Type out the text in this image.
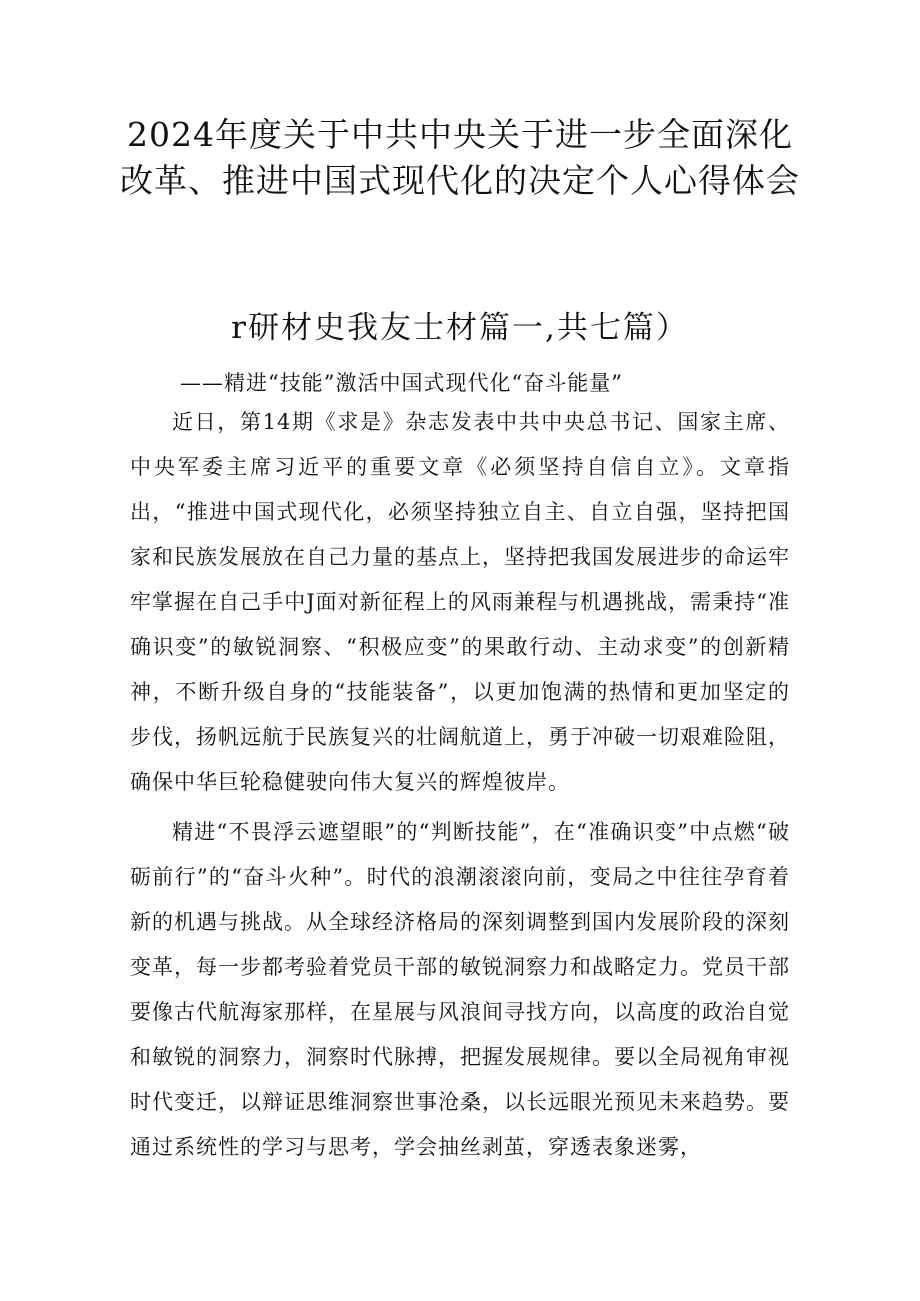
2024年度关于中共中央关于进一步全面深化改革、推进中国式现代化的决定个人心得体会
r研材史我友士材篇一,共七篇）

——精进“技能”激活中国式现代化“奋斗能量”

近日，第14期《求是》杂志发表中共中央总书记、国家主席、中央军委主席习近平的重要文章《必须坚持自信自立》。文章指出，“推进中国式现代化，必须坚持独立自主、自立自强，坚持把国家和民族发展放在自己力量的基点上，坚持把我国发展进步的命运牢牢掌握在自己手中J面对新征程上的风雨兼程与机遇挑战，需秉持“准确识变”的敏锐洞察、“积极应变”的果敢行动、主动求变”的创新精神，不断升级自身的“技能装备”，以更加饱满的热情和更加坚定的步伐，扬帆远航于民族复兴的壮阔航道上，勇于冲破一切艰难险阻，确保中华巨轮稳健驶向伟大复兴的辉煌彼岸。

精进“不畏浮云遮望眼”的“判断技能”，在“准确识变”中点燃“破砺前行”的“奋斗火种”。时代的浪潮滚滚向前，变局之中往往孕育着新的机遇与挑战。从全球经济格局的深刻调整到国内发展阶段的深刻变革，每一步都考验着党员干部的敏锐洞察力和战略定力。党员干部要像古代航海家那样，在星展与风浪间寻找方向，以高度的政治自觉和敏锐的洞察力，洞察时代脉搏，把握发展规律。要以全局视角审视时代变迁，以辩证思维洞察世事沧桑，以长远眼光预见未来趋势。要通过系统性的学习与思考，学会抽丝剥茧，穿透表象迷雾，
